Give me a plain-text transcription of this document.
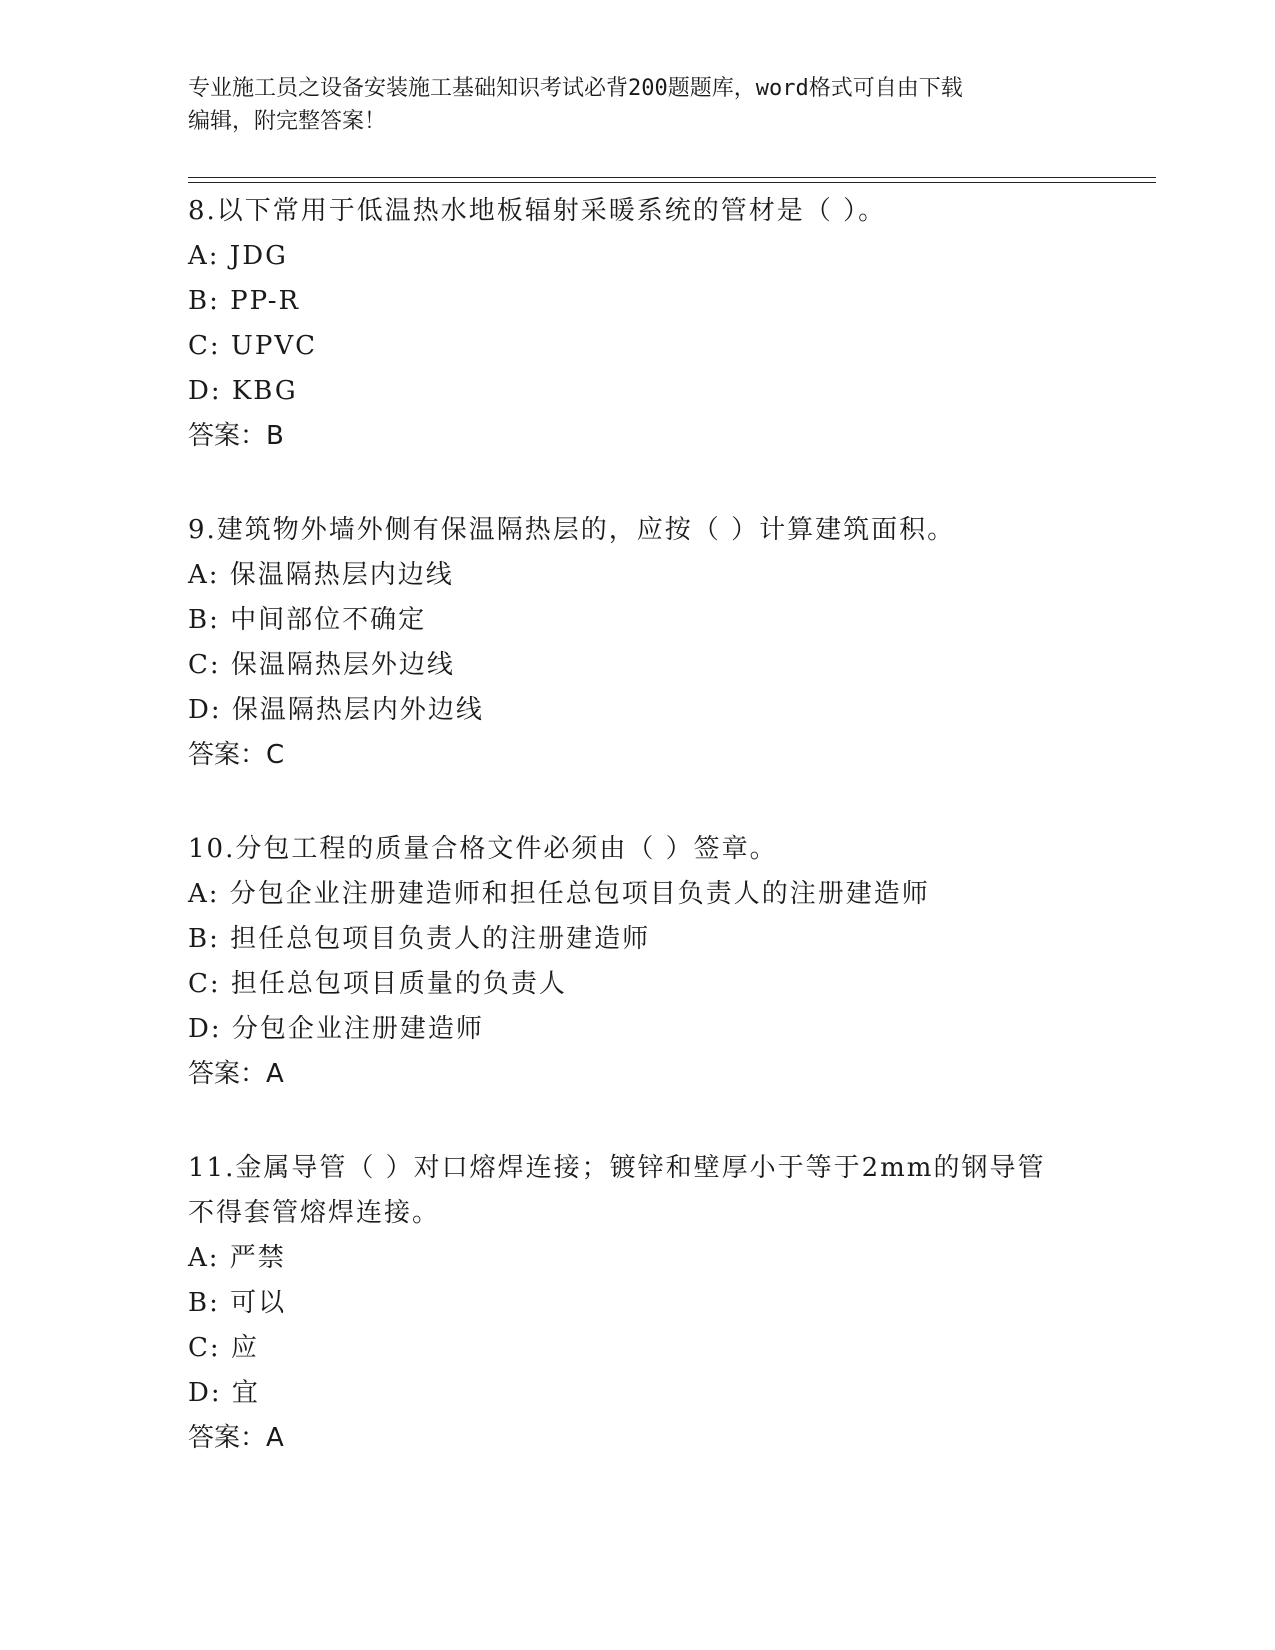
专业施工员之设备安装施工基础知识考试必背200题题库，word格式可自由下载
编辑，附完整答案！

8.以下常用于低温热水地板辐射采暖系统的管材是（ ）。

A: JDG

B: PP-R

C: UPVC

D: KBG

答案：B

9.建筑物外墙外侧有保温隔热层的，应按（ ）计算建筑面积。

A: 保温隔热层内边线

B: 中间部位不确定

C: 保温隔热层外边线

D: 保温隔热层内外边线

答案：C

10.分包工程的质量合格文件必须由（ ）签章。

A: 分包企业注册建造师和担任总包项目负责人的注册建造师

B: 担任总包项目负责人的注册建造师

C: 担任总包项目质量的负责人

D: 分包企业注册建造师

答案：A

11.金属导管（ ）对口熔焊连接；镀锌和壁厚小于等于2mm的钢导管不得套管熔焊连接。

A: 严禁

B: 可以

C: 应

D: 宜

答案：A
